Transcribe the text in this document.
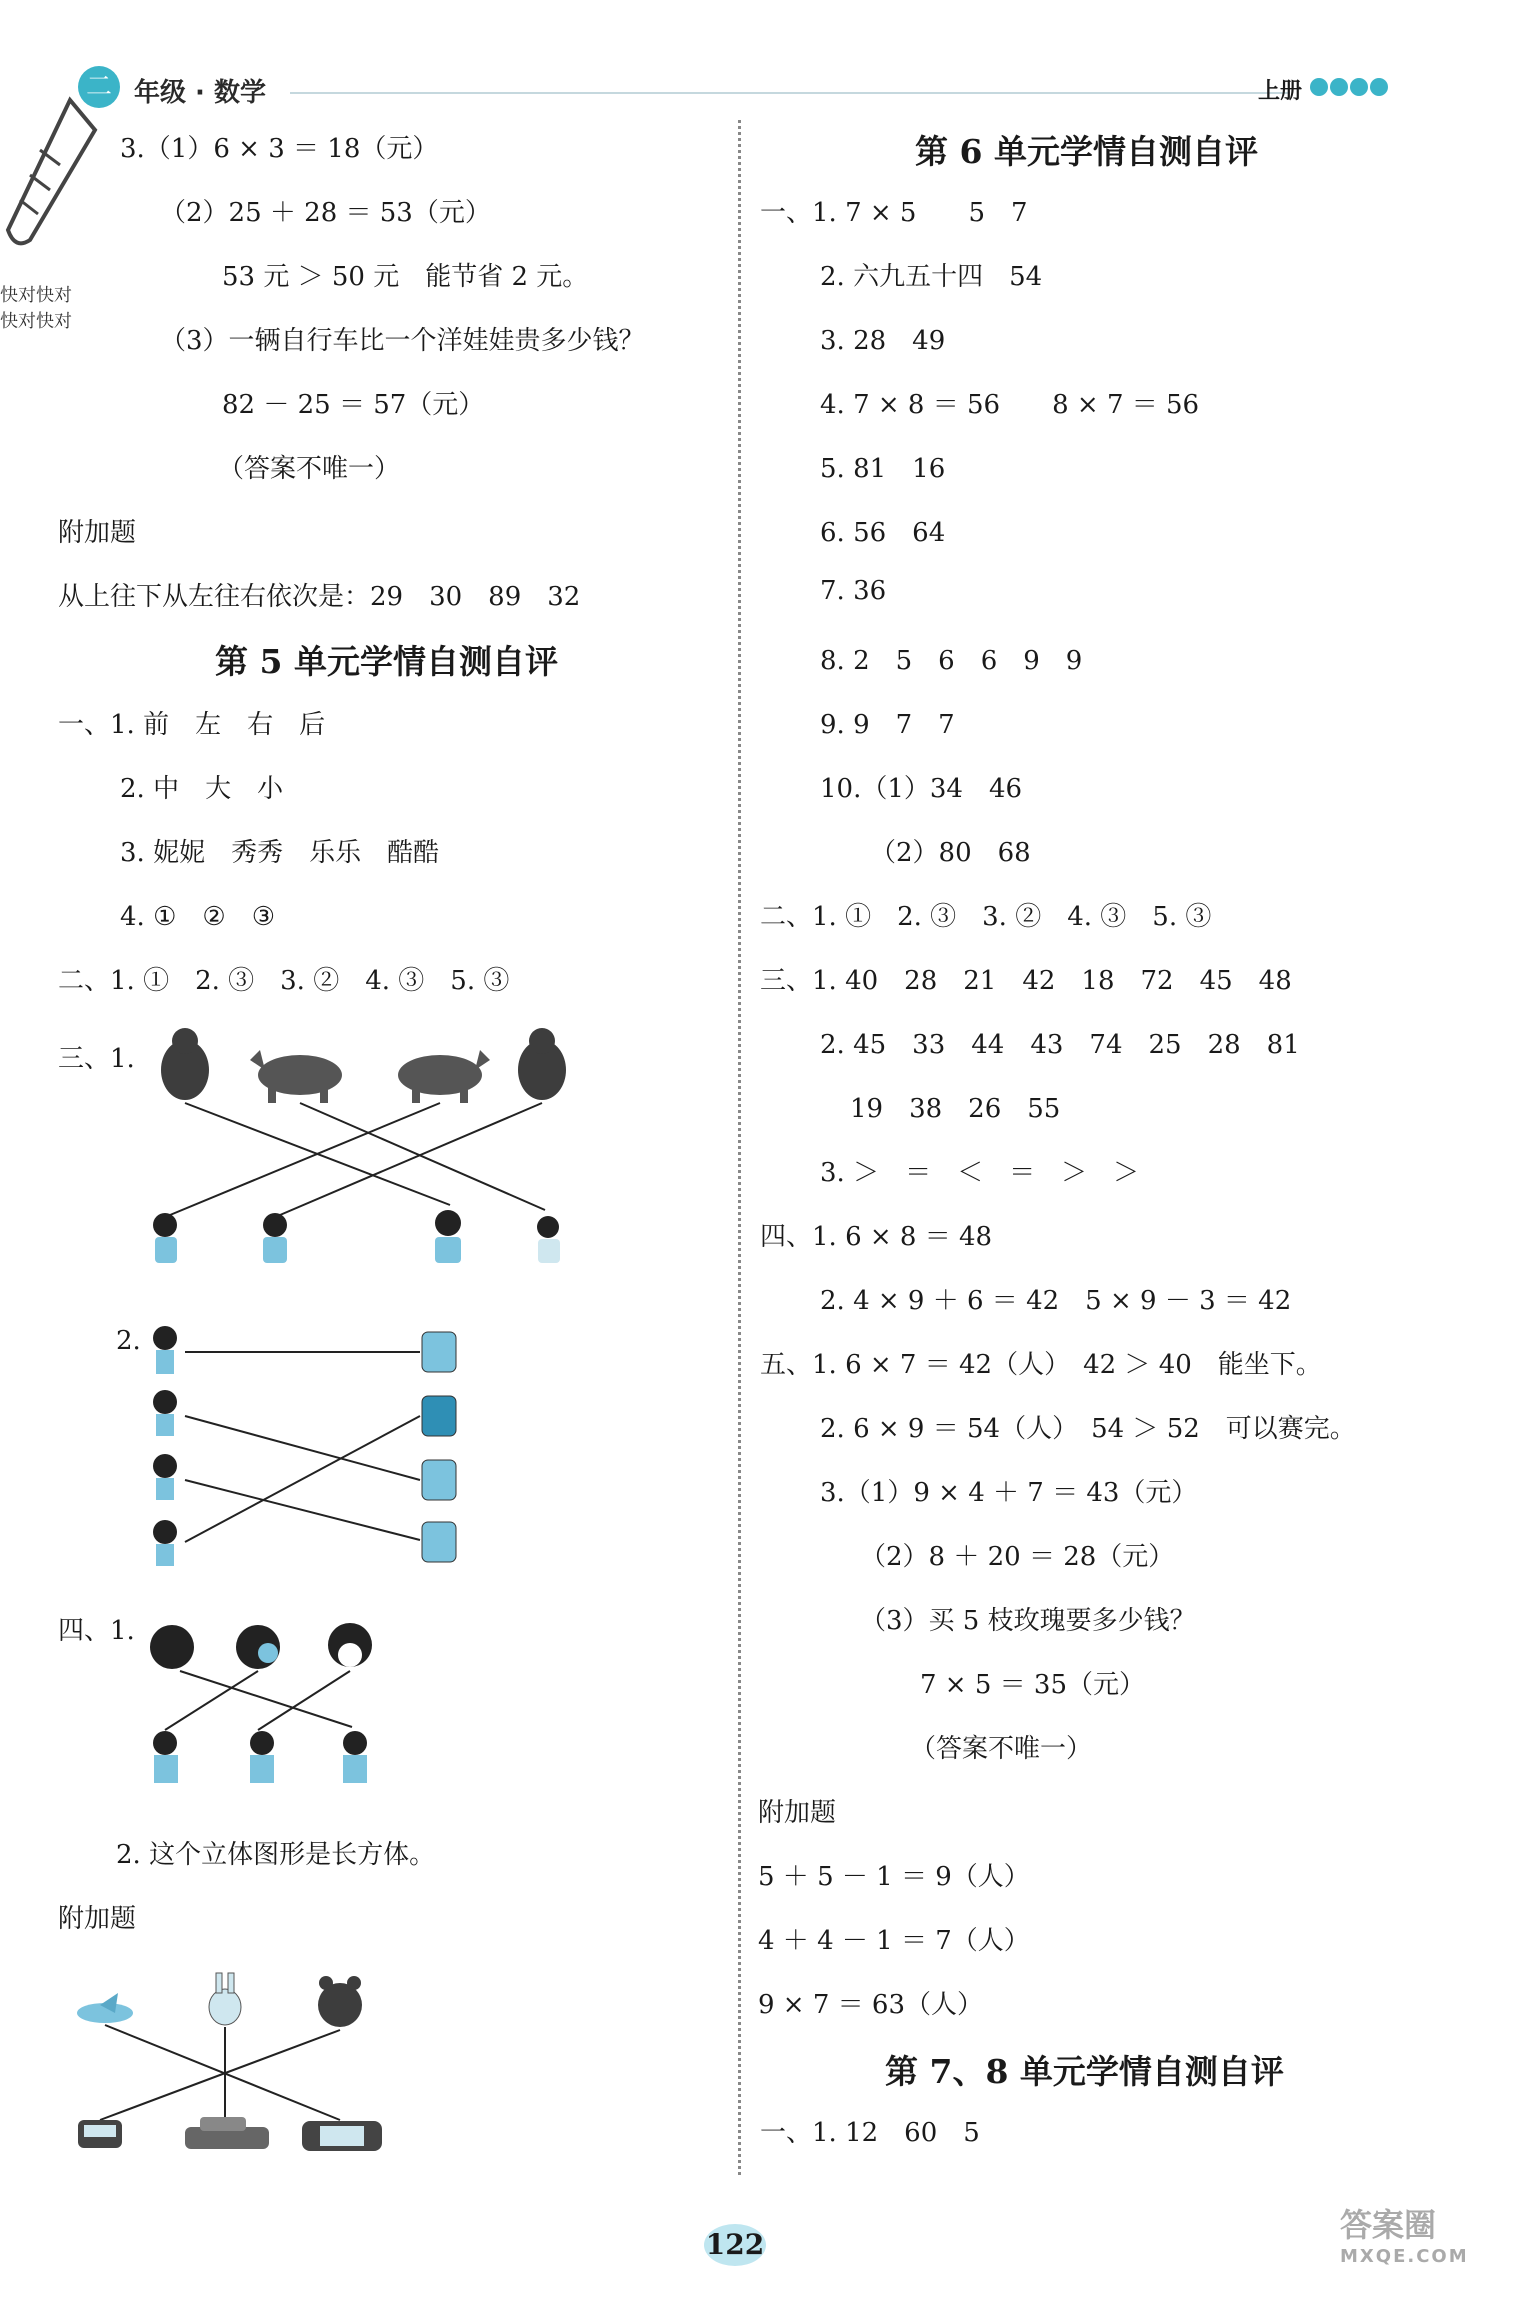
二 年级 · 数学	上册
快对快对
快对快对
3.（1）6 × 3 ＝ 18（元）
（2）25 ＋ 28 ＝ 53（元）
53 元 ＞ 50 元　能节省 2 元。
（3）一辆自行车比一个洋娃娃贵多少钱？
82 － 25 ＝ 57（元）
（答案不唯一）
附加题
从上往下从左往右依次是：29　30　89　32
第 5 单元学情自测自评
一、1. 前　左　右　后
2. 中　大　小
3. 妮妮　秀秀　乐乐　酷酷
4. ①　②　③
二、1. ①　2. ③　3. ②　4. ③　5. ③
三、1.
2.
四、1.
2. 这个立体图形是长方体。
附加题
第 6 单元学情自测自评
一、1. 7 × 5　　5　7
2. 六九五十四　54
3. 28　49
4. 7 × 8 ＝ 56　　8 × 7 ＝ 56
5. 81　16
6. 56　64
7. 36
8. 2　5　6　6　9　9
9. 9　7　7
10.（1）34　46
（2）80　68
二、1. ①　2. ③　3. ②　4. ③　5. ③
三、1. 40　28　21　42　18　72　45　48
2. 45　33　44　43　74　25　28　81
19　38　26　55
3. ＞　＝　＜　＝　＞　＞
四、1. 6 × 8 ＝ 48
2. 4 × 9 ＋ 6 ＝ 42　5 × 9 － 3 ＝ 42
五、1. 6 × 7 ＝ 42（人）　42 ＞ 40　能坐下。
2. 6 × 9 ＝ 54（人）　54 ＞ 52　可以赛完。
3.（1）9 × 4 ＋ 7 ＝ 43（元）
（2）8 ＋ 20 ＝ 28（元）
（3）买 5 枝玫瑰要多少钱？
7 × 5 ＝ 35（元）
（答案不唯一）
附加题
5 ＋ 5 － 1 ＝ 9（人）
4 ＋ 4 － 1 ＝ 7（人）
9 × 7 ＝ 63（人）
第 7、8 单元学情自测自评
一、1. 12　60　5
122
答案圈
MXQE.COM
